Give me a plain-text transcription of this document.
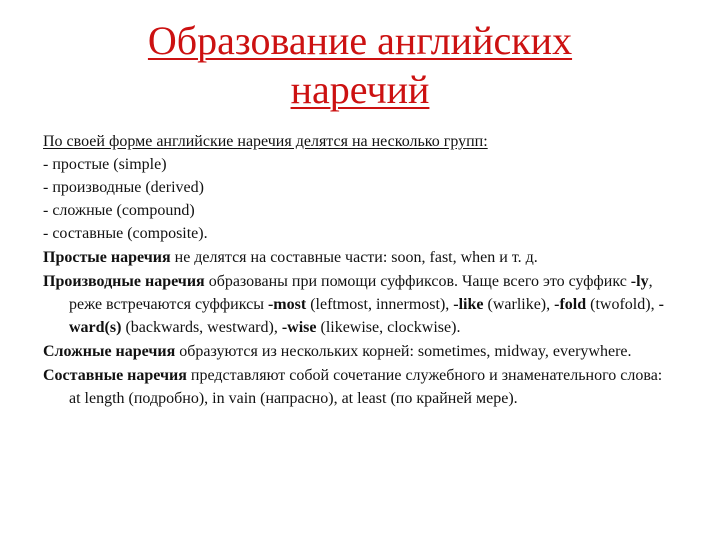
Образование английских
наречий
По своей форме английские наречия делятся на несколько групп:
- простые (simple)
- производные (derived)
- сложные (compound)
- составные (composite).
Простые наречия не делятся на составные части: soon, fast, when и т. д.
Производные наречия образованы при помощи суффиксов. Чаще всего это суффикс -ly, реже встречаются суффиксы -most (leftmost, innermost), -like (warlike), -fold (twofold), -ward(s) (backwards, westward), -wise (likewise, clockwise).
Сложные наречия образуются из нескольких корней: sometimes, midway, everywhere.
Составные наречия представляют собой сочетание служебного и знаменательного слова: at length (подробно), in vain (напрасно), at least (по крайней мере).
